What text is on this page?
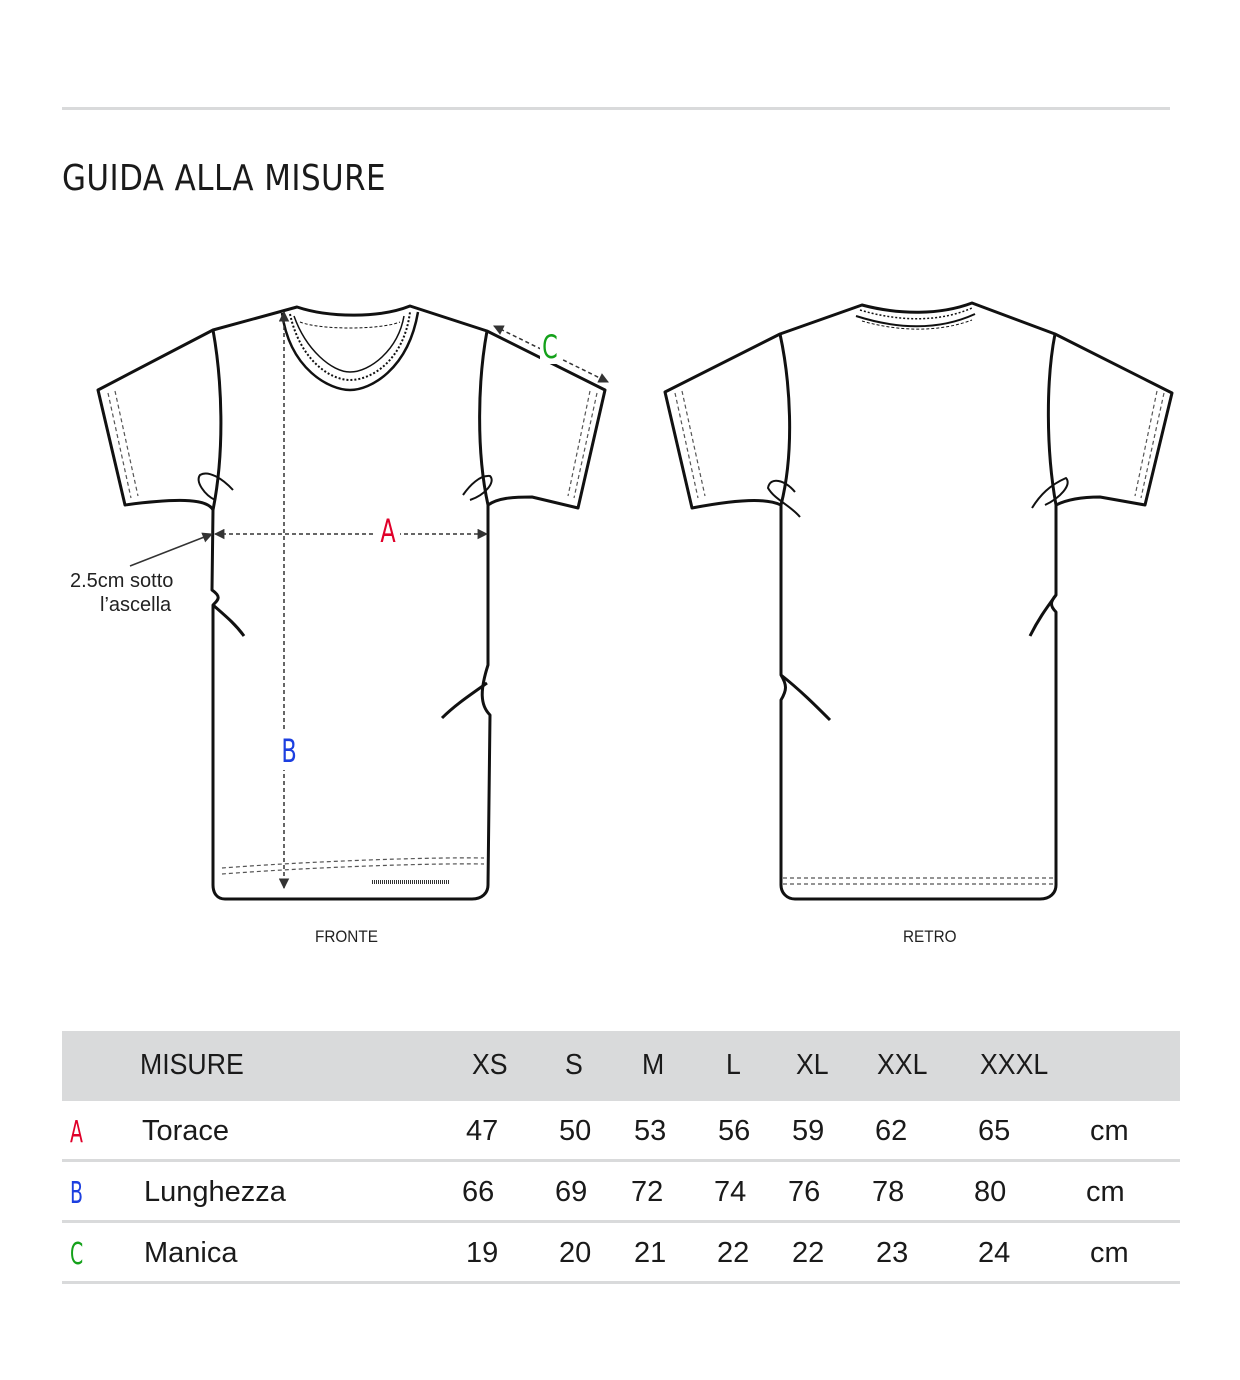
GUIDA ALLA MISURE
A
B
C
2.5cm sotto
l’ascella
FRONTE	RETRO
MISURE	XS S M L XL XXL XXXL
A Torace	47 50 53 56 59 62 65	cm
B Lunghezza	66 69 72 74 76 78 80	cm
C Manica	19 20 21 22 22 23 24	cm
